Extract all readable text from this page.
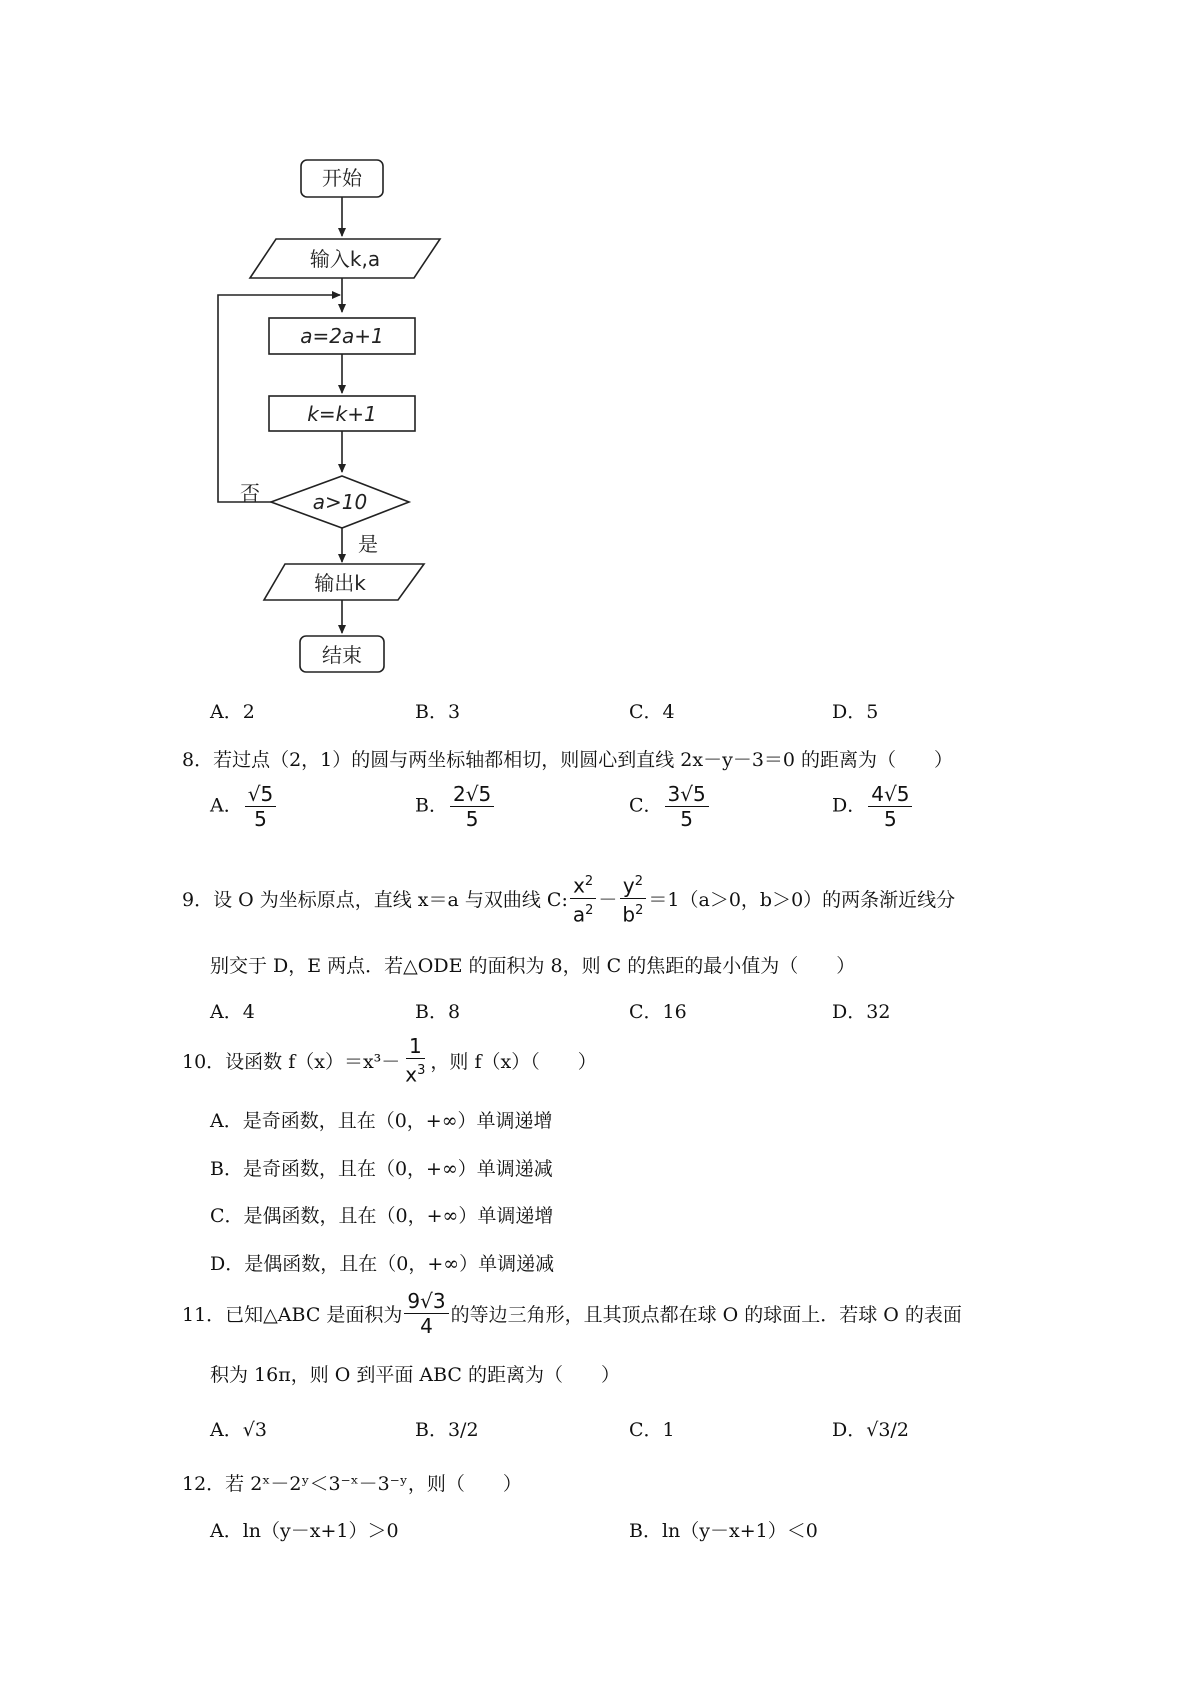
开始
输入k,a
a=2a+1
k=k+1
a>10
否
是
输出k
结束
A．2	B．3	C．4	D．5
8．若过点（2，1）的圆与两坐标轴都相切，则圆心到直线 2x－y－3＝0 的距离为（　　）
A． $\frac{√5}{5}$	B． $\frac{2√5}{5}$	C． $\frac{3√5}{5}$	D． $\frac{4√5}{5}$
9．设 O 为坐标原点，直线 x＝a 与双曲线 C: $\frac{x^2}{a^2} - \frac{y^2}{b^2} =1(a>0$，b＞0）的两条渐近线分
别交于 D，E 两点．若△ODE 的面积为 8，则 C 的焦距的最小值为（　　）
A．4	B．8	C．16	D．32
10．设函数 $f(x)=x^3- \frac{1}{x^3}$ ，则 f（x）（　　）
A．是奇函数，且在（0，+∞）单调递增
B．是奇函数，且在（0，+∞）单调递减
C．是偶函数，且在（0，+∞）单调递增
D．是偶函数，且在（0，+∞）单调递减
11．已知△ABC 是面积为 $\frac{9√3}{4}$ 的等边三角形，且其顶点都在球 O 的球面上．若球 O 的表面
积为 16π，则 O 到平面 ABC 的距离为（　　）
A．√3	B．3/2	C．1	D．√3/2
12．若 2ˣ－2ʸ＜3⁻ˣ－3⁻ʸ，则（　　）
A．ln（y－x+1）＞0	B．ln（y－x+1）＜0
